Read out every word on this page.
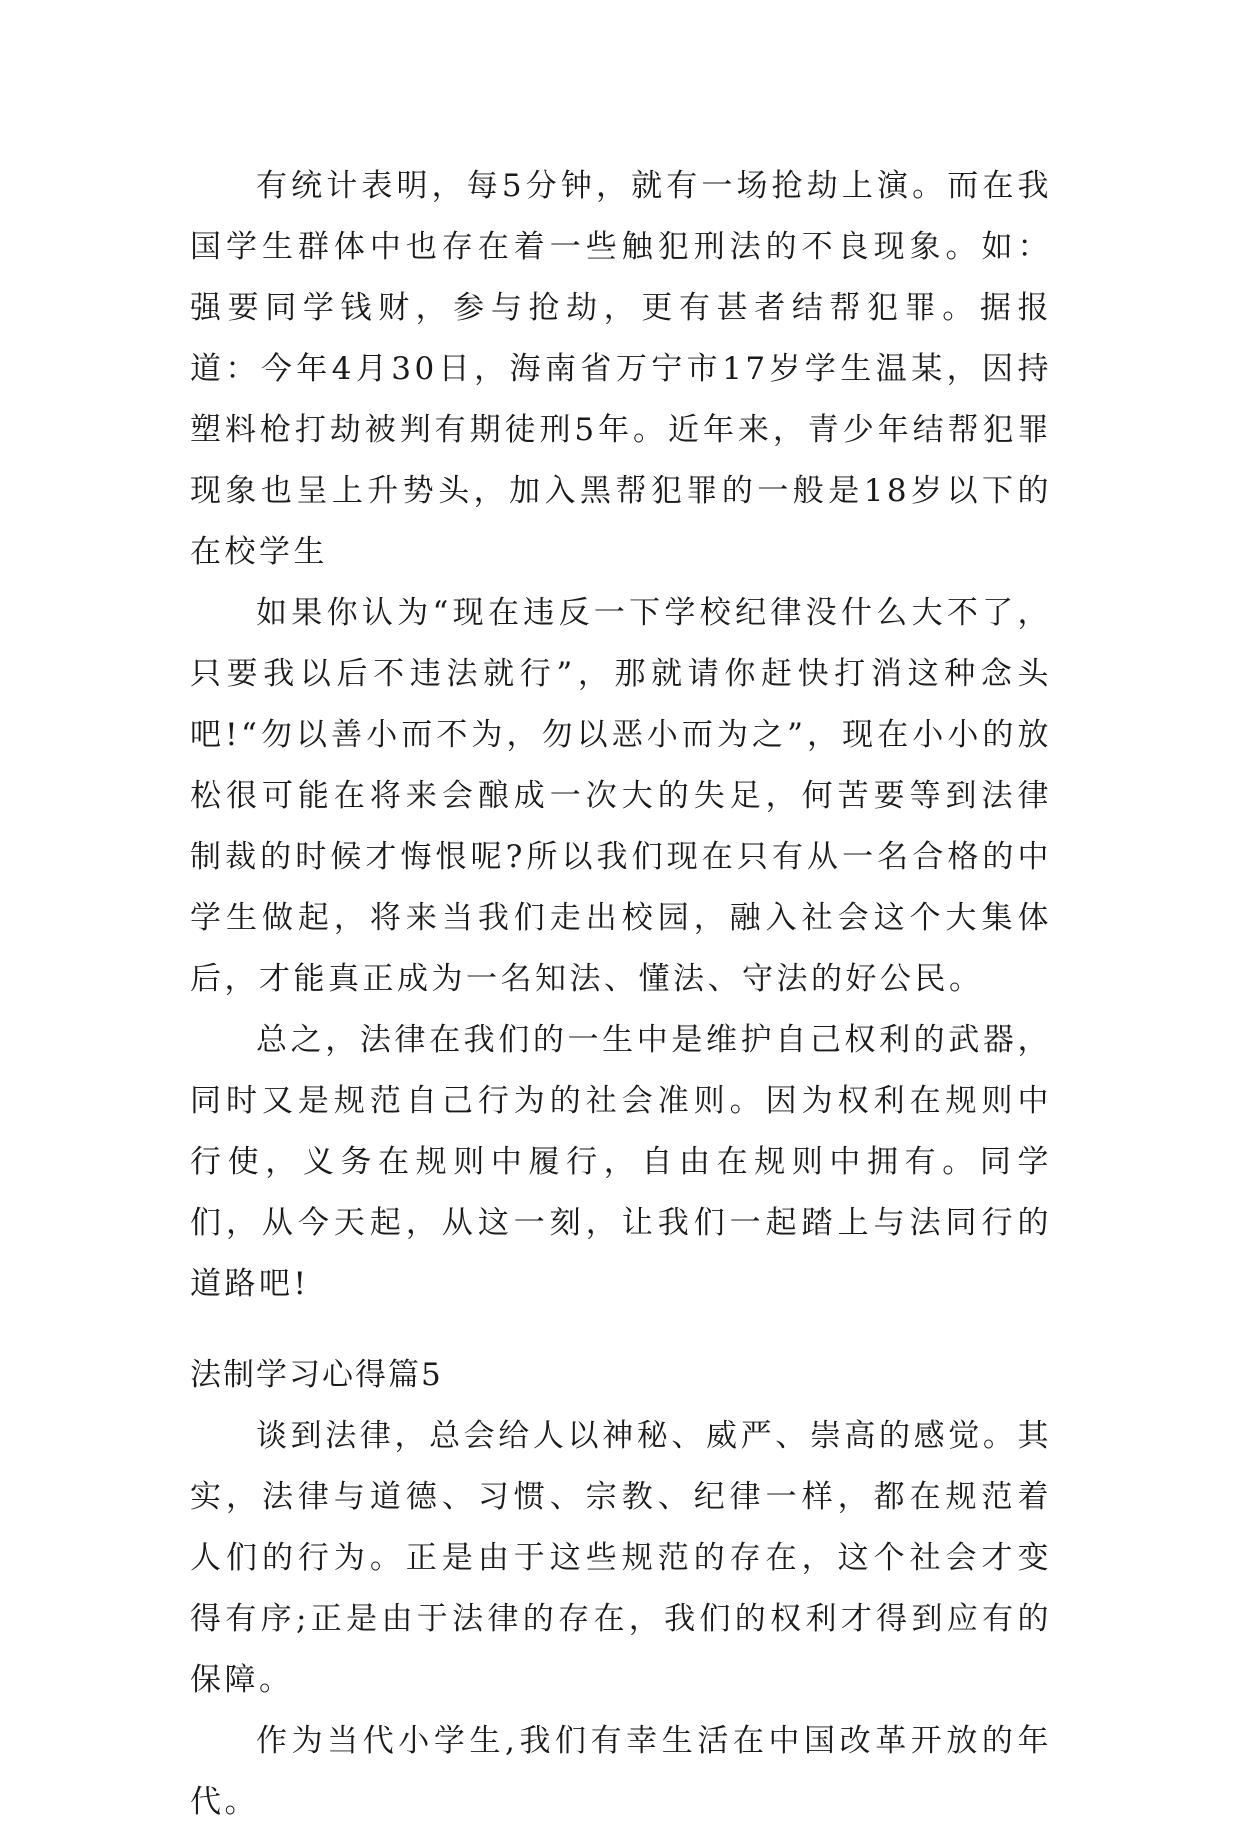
有统计表明，每5分钟，就有一场抢劫上演。而在我国学生群体中也存在着一些触犯刑法的不良现象。如：强要同学钱财，参与抢劫，更有甚者结帮犯罪。据报道：今年4月30日，海南省万宁市17岁学生温某，因持塑料枪打劫被判有期徒刑5年。近年来，青少年结帮犯罪现象也呈上升势头，加入黑帮犯罪的一般是18岁以下的在校学生

如果你认为“现在违反一下学校纪律没什么大不了，只要我以后不违法就行”，那就请你赶快打消这种念头吧!“勿以善小而不为，勿以恶小而为之”，现在小小的放松很可能在将来会酿成一次大的失足，何苦要等到法律制裁的时候才悔恨呢?所以我们现在只有从一名合格的中学生做起，将来当我们走出校园，融入社会这个大集体后，才能真正成为一名知法、懂法、守法的好公民。

总之，法律在我们的一生中是维护自己权利的武器，同时又是规范自己行为的社会准则。因为权利在规则中行使，义务在规则中履行，自由在规则中拥有。同学们，从今天起，从这一刻，让我们一起踏上与法同行的道路吧!

法制学习心得篇5

谈到法律，总会给人以神秘、威严、崇高的感觉。其实，法律与道德、习惯、宗教、纪律一样，都在规范着人们的行为。正是由于这些规范的存在，这个社会才变得有序;正是由于法律的存在，我们的权利才得到应有的保障。

作为当代小学生,我们有幸生活在中国改革开放的年代。
